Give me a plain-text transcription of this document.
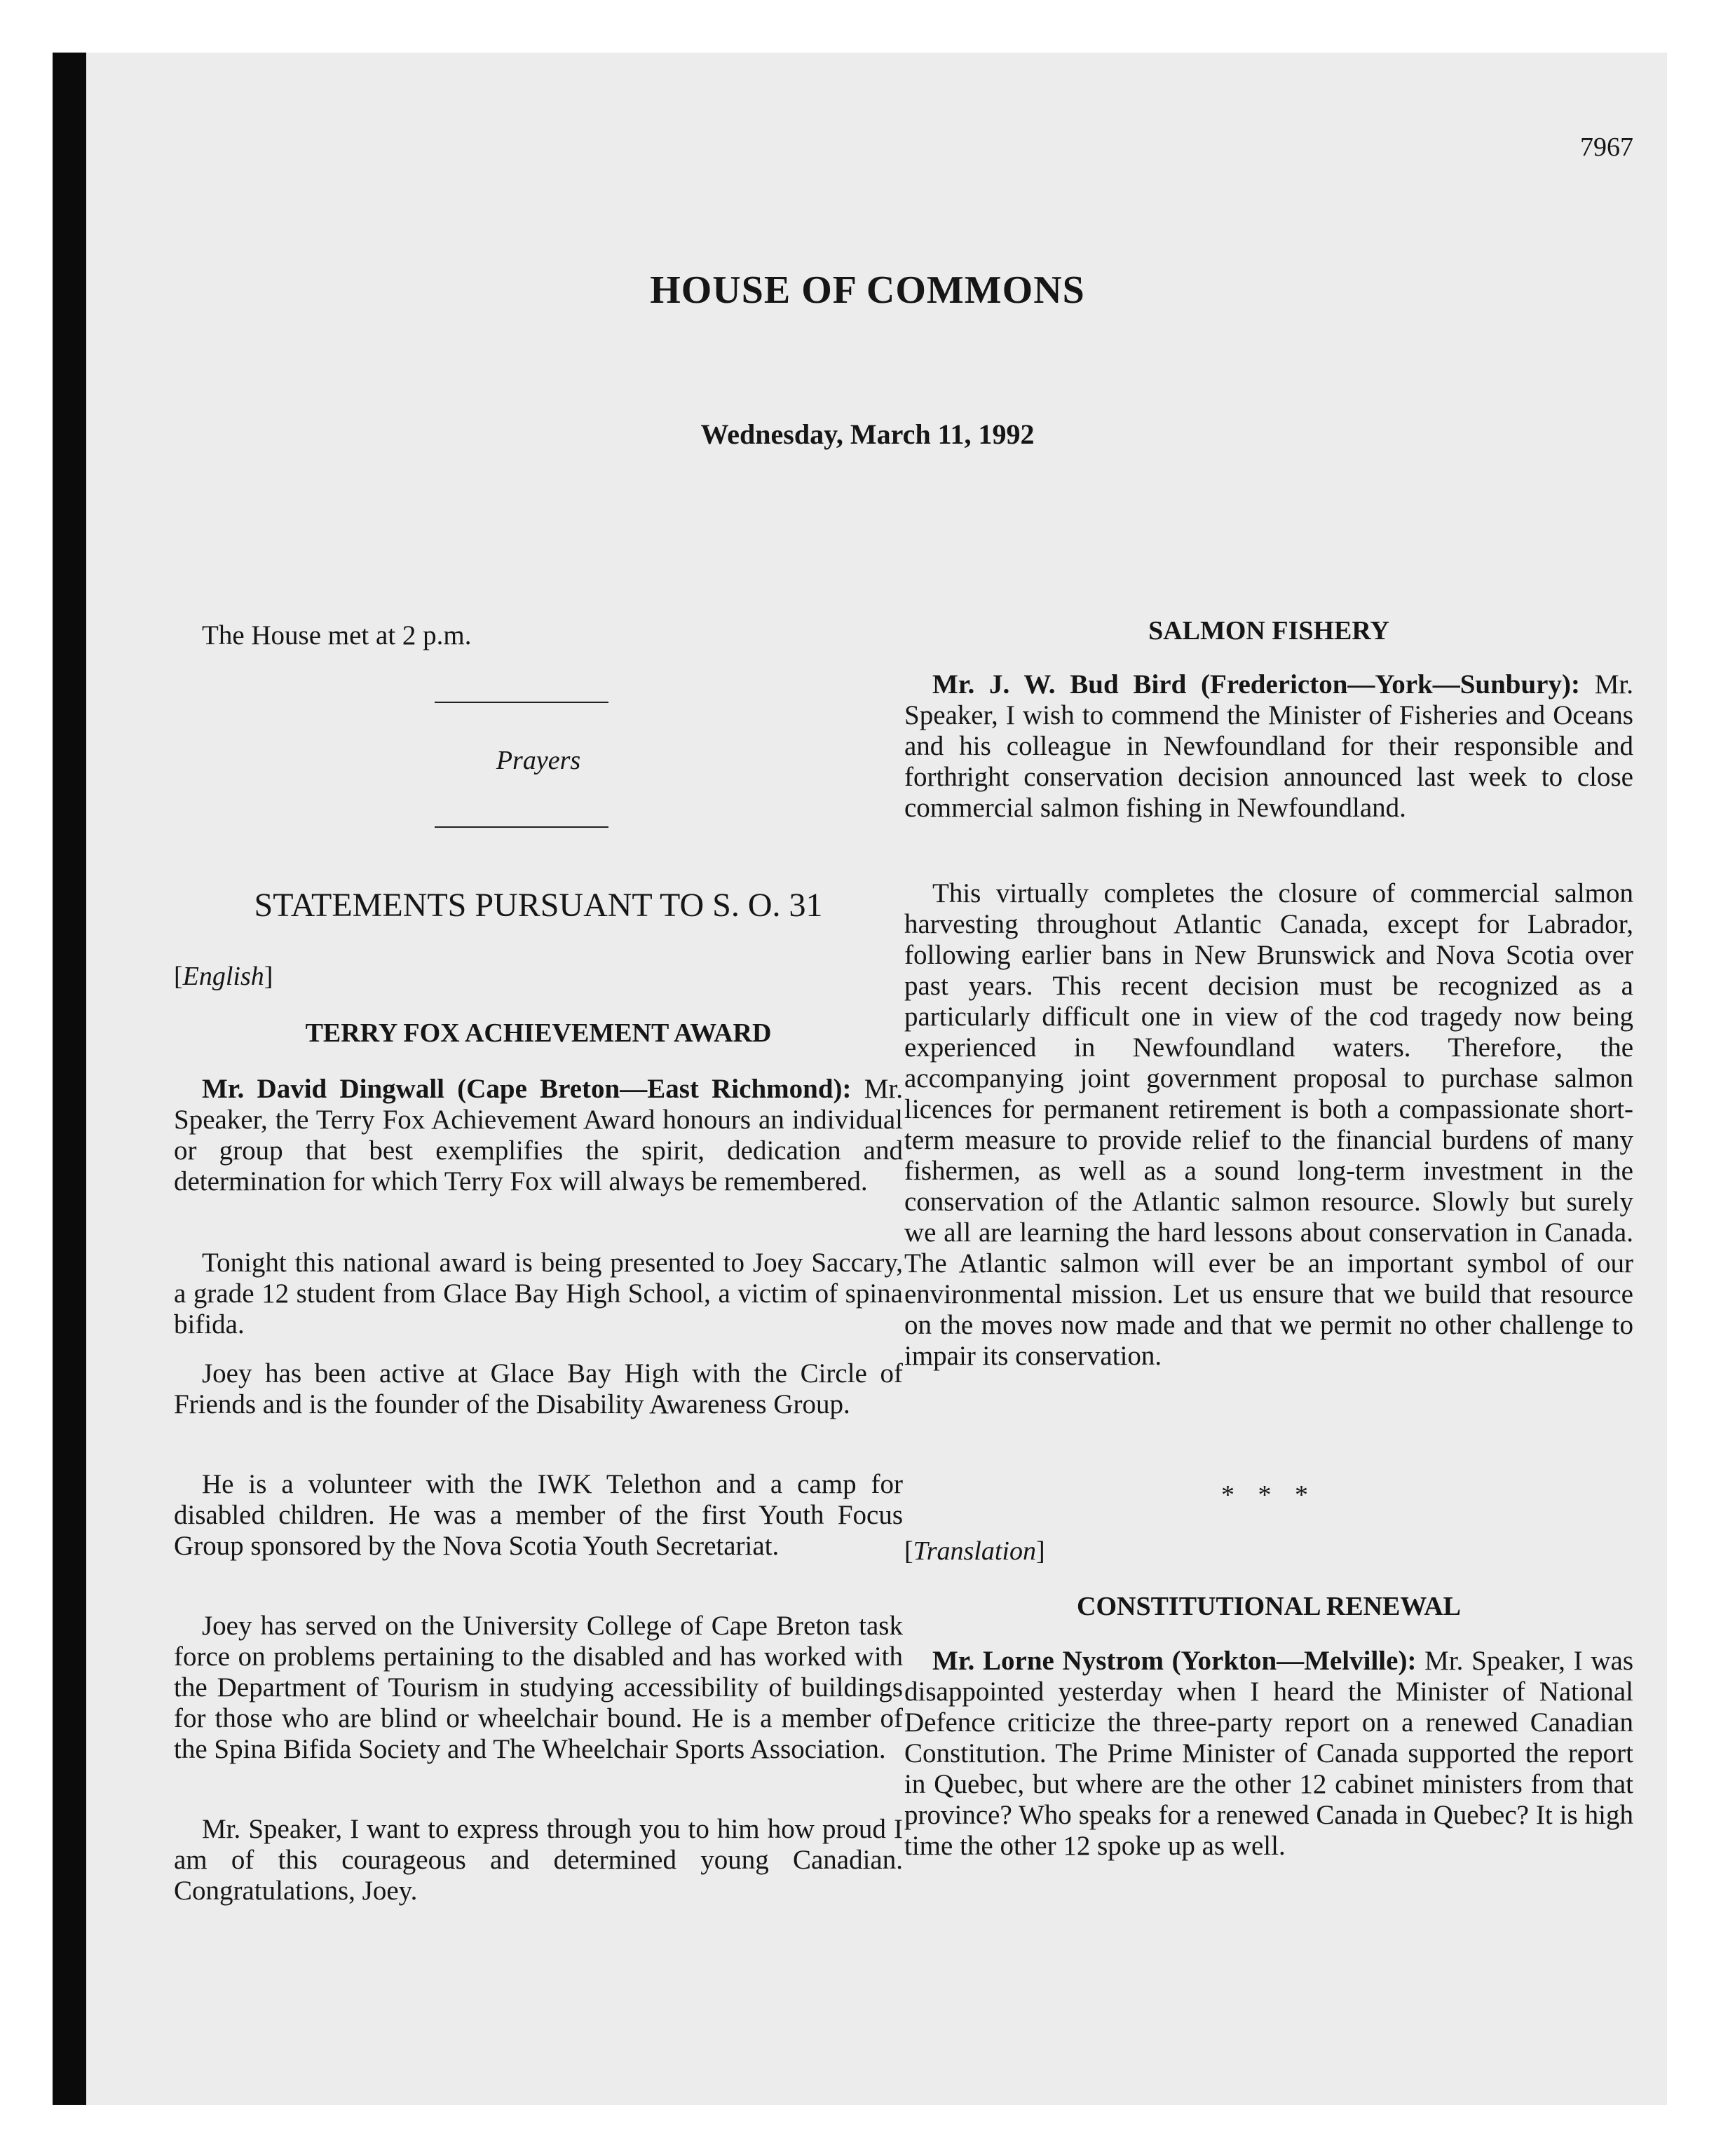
7967
HOUSE OF COMMONS

Wednesday, March 11, 1992

The House met at 2 p.m.

Prayers

STATEMENTS PURSUANT TO S. O. 31

[English]

TERRY FOX ACHIEVEMENT AWARD

Mr. David Dingwall (Cape Breton—East Richmond): Mr. Speaker, the Terry Fox Achievement Award honours an individual or group that best exemplifies the spirit, dedication and determination for which Terry Fox will always be remembered.

Tonight this national award is being presented to Joey Saccary, a grade 12 student from Glace Bay High School, a victim of spina bifida.

Joey has been active at Glace Bay High with the Circle of Friends and is the founder of the Disability Awareness Group.

He is a volunteer with the IWK Telethon and a camp for disabled children. He was a member of the first Youth Focus Group sponsored by the Nova Scotia Youth Secretariat.

Joey has served on the University College of Cape Breton task force on problems pertaining to the disabled and has worked with the Department of Tourism in studying accessibility of buildings for those who are blind or wheelchair bound. He is a member of the Spina Bifida Society and The Wheelchair Sports Association.

Mr. Speaker, I want to express through you to him how proud I am of this courageous and determined young Canadian. Congratulations, Joey.

SALMON FISHERY

Mr. J. W. Bud Bird (Fredericton—York—Sunbury): Mr. Speaker, I wish to commend the Minister of Fisheries and Oceans and his colleague in Newfoundland for their responsible and forthright conservation decision announced last week to close commercial salmon fishing in Newfoundland.

This virtually completes the closure of commercial salmon harvesting throughout Atlantic Canada, except for Labrador, following earlier bans in New Brunswick and Nova Scotia over past years. This recent decision must be recognized as a particularly difficult one in view of the cod tragedy now being experienced in Newfoundland waters. Therefore, the accompanying joint government proposal to purchase salmon licences for permanent retirement is both a compassionate short-term measure to provide relief to the financial burdens of many fishermen, as well as a sound long-term investment in the conservation of the Atlantic salmon resource. Slowly but surely we all are learning the hard lessons about conservation in Canada. The Atlantic salmon will ever be an important symbol of our environmental mission. Let us ensure that we build that resource on the moves now made and that we permit no other challenge to impair its conservation.

* * *

[Translation]

CONSTITUTIONAL RENEWAL

Mr. Lorne Nystrom (Yorkton—Melville): Mr. Speaker, I was disappointed yesterday when I heard the Minister of National Defence criticize the three-party report on a renewed Canadian Constitution. The Prime Minister of Canada supported the report in Quebec, but where are the other 12 cabinet ministers from that province? Who speaks for a renewed Canada in Quebec? It is high time the other 12 spoke up as well.
